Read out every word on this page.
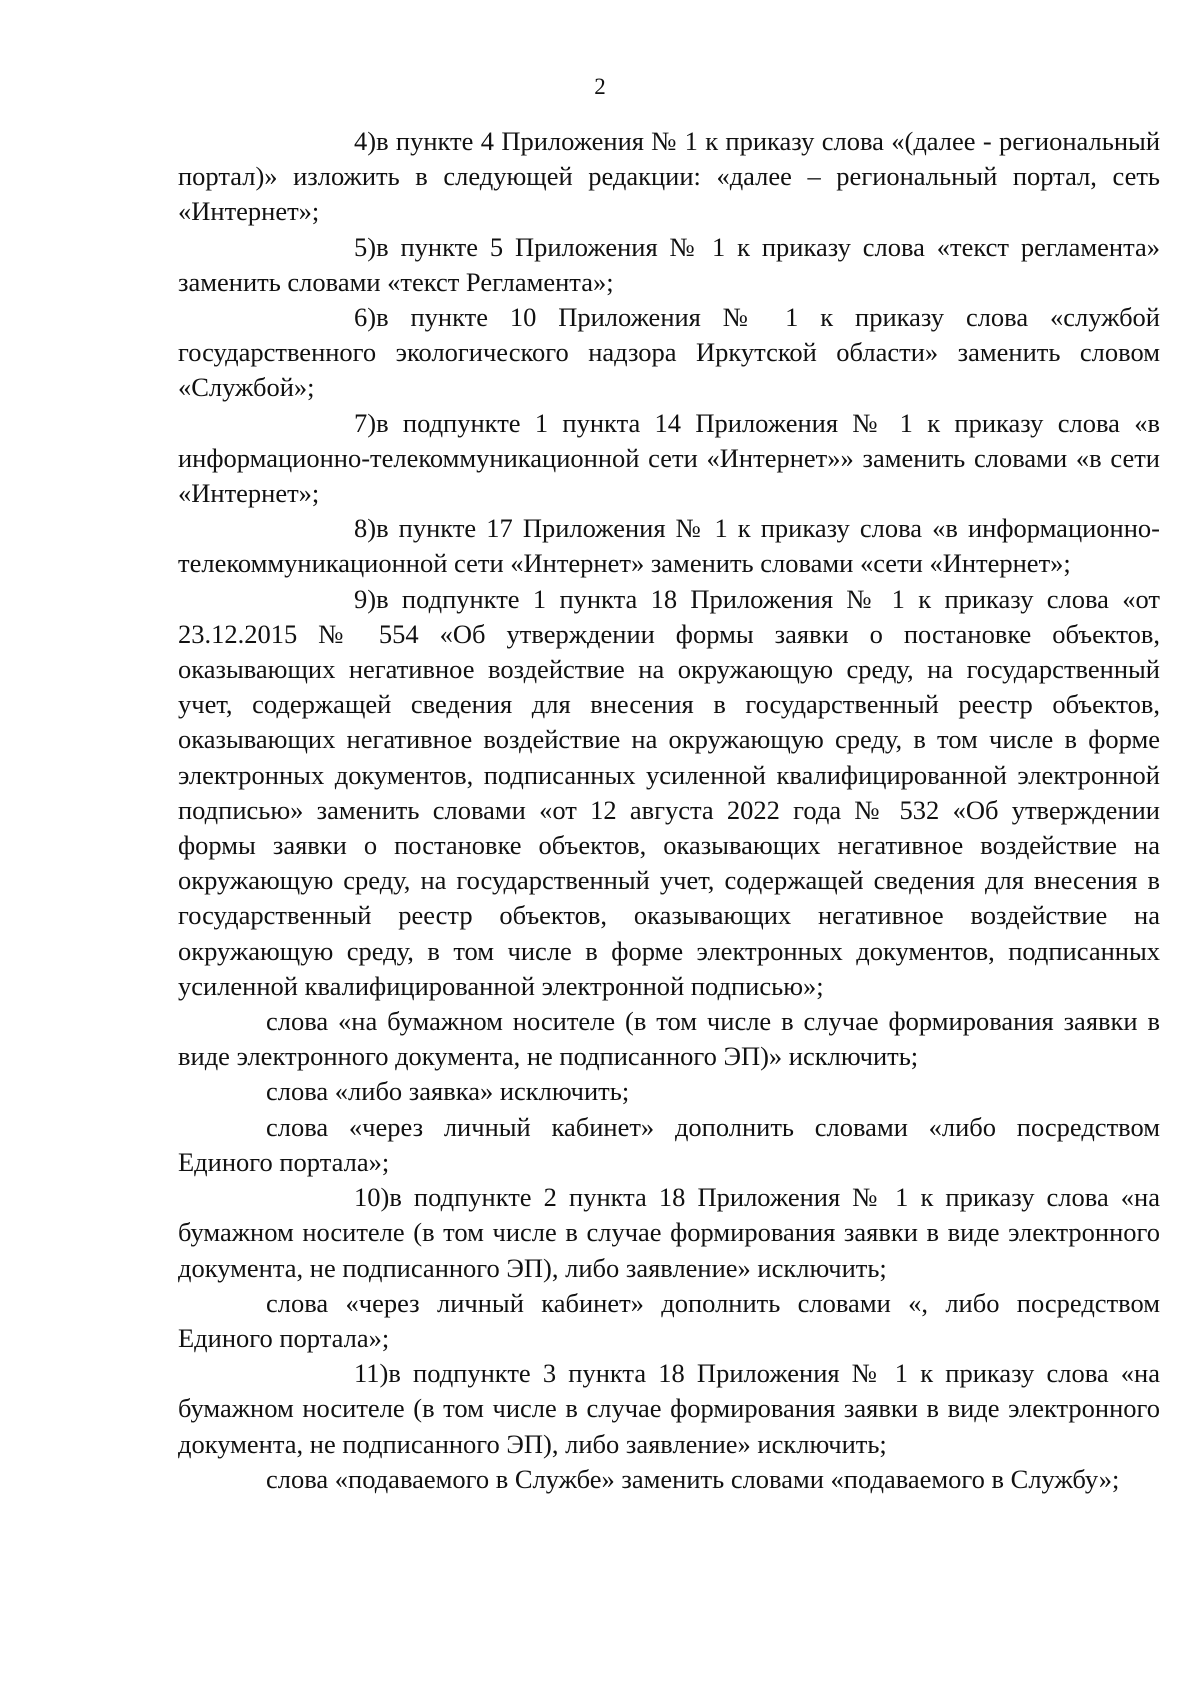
2

4)в пункте 4 Приложения № 1 к приказу слова «(далее - региональный портал)» изложить в следующей редакции: «далее – региональный портал, сеть «Интернет»;

5)в пункте 5 Приложения № 1 к приказу слова «текст регламента» заменить словами «текст Регламента»;

6)в пункте 10 Приложения № 1 к приказу слова «службой государственного экологического надзора Иркутской области» заменить словом «Службой»;

7)в подпункте 1 пункта 14 Приложения № 1 к приказу слова «в информационно-телекоммуникационной сети «Интернет»» заменить словами «в сети «Интернет»;

8)в пункте 17 Приложения № 1 к приказу слова «в информационно-телекоммуникационной сети «Интернет» заменить словами «сети «Интернет»;

9)в подпункте 1 пункта 18 Приложения № 1 к приказу слова «от 23.12.2015 № 554 «Об утверждении формы заявки о постановке объектов, оказывающих негативное воздействие на окружающую среду, на государственный учет, содержащей сведения для внесения в государственный реестр объектов, оказывающих негативное воздействие на окружающую среду, в том числе в форме электронных документов, подписанных усиленной квалифицированной электронной подписью» заменить словами «от 12 августа 2022 года № 532 «Об утверждении формы заявки о постановке объектов, оказывающих негативное воздействие на окружающую среду, на государственный учет, содержащей сведения для внесения в государственный реестр объектов, оказывающих негативное воздействие на окружающую среду, в том числе в форме электронных документов, подписанных усиленной квалифицированной электронной подписью»;

слова «на бумажном носителе (в том числе в случае формирования заявки в виде электронного документа, не подписанного ЭП)» исключить;

слова «либо заявка» исключить;

слова «через личный кабинет» дополнить словами «либо посредством Единого портала»;

10)в подпункте 2 пункта 18 Приложения № 1 к приказу слова «на бумажном носителе (в том числе в случае формирования заявки в виде электронного документа, не подписанного ЭП), либо заявление» исключить;

слова «через личный кабинет» дополнить словами «, либо посредством Единого портала»;

11)в подпункте 3 пункта 18 Приложения № 1 к приказу слова «на бумажном носителе (в том числе в случае формирования заявки в виде электронного документа, не подписанного ЭП), либо заявление» исключить;

слова «подаваемого в Службе» заменить словами «подаваемого в Службу»;
